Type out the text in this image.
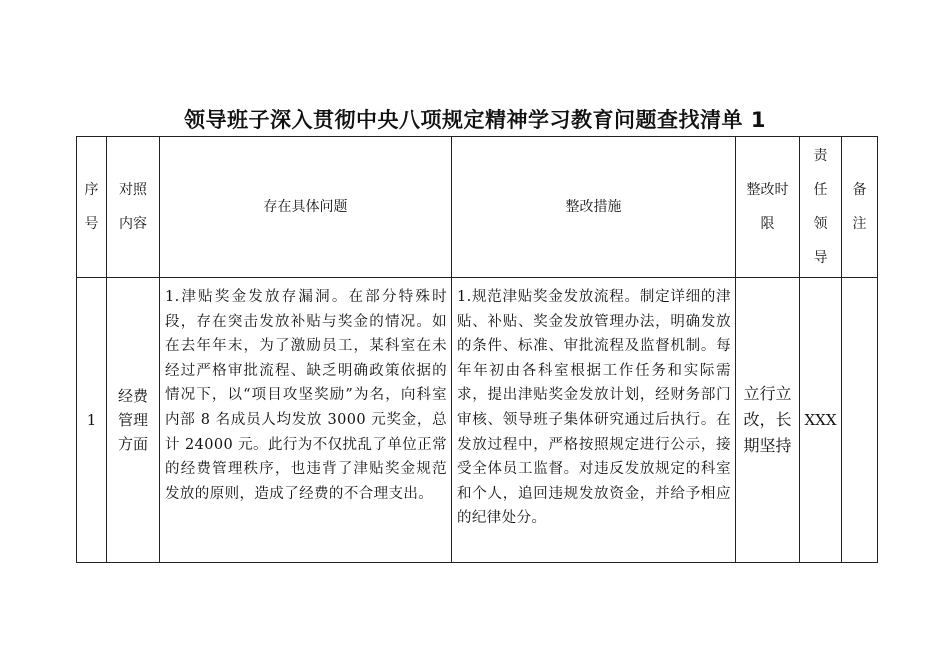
领导班子深入贯彻中央八项规定精神学习教育问题查找清单 1
序号	对照内容	存在具体问题	整改措施	整改时限	责任领导	备注
1	经费管理方面	1.津贴奖金发放存漏洞。在部分特殊时段，存在突击发放补贴与奖金的情况。如在去年年末，为了激励员工，某科室在未经过严格审批流程、缺乏明确政策依据的情况下，以“项目攻坚奖励”为名，向科室内部 8 名成员人均发放 3000 元奖金，总计 24000 元。此行为不仅扰乱了单位正常的经费管理秩序，也违背了津贴奖金规范发放的原则，造成了经费的不合理支出。	1.规范津贴奖金发放流程。制定详细的津贴、补贴、奖金发放管理办法，明确发放的条件、标准、审批流程及监督机制。每年年初由各科室根据工作任务和实际需求，提出津贴奖金发放计划，经财务部门审核、领导班子集体研究通过后执行。在发放过程中，严格按照规定进行公示，接受全体员工监督。对违反发放规定的科室和个人，追回违规发放资金，并给予相应的纪律处分。	立行立改，长期坚持	XXX	
